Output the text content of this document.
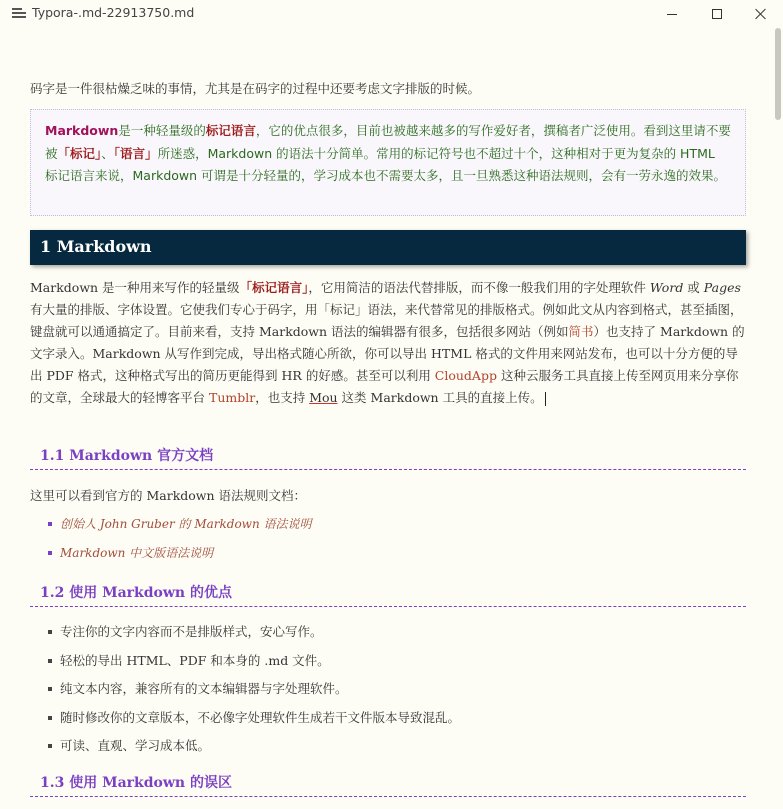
Typora-.md-22913750.md

码字是一件很枯燥乏味的事情，尤其是在码字的过程中还要考虑文字排版的时候。

Markdown是一种轻量级的标记语言，它的优点很多，目前也被越来越多的写作爱好者，撰稿者广泛使用。看到这里请不要被「标记」、「语言」所迷惑，Markdown 的语法十分简单。常用的标记符号也不超过十个，这种相对于更为复杂的 HTML 标记语言来说，Markdown 可谓是十分轻量的，学习成本也不需要太多，且一旦熟悉这种语法规则，会有一劳永逸的效果。
1 Markdown

Markdown 是一种用来写作的轻量级「标记语言」，它用简洁的语法代替排版，而不像一般我们用的字处理软件 Word 或 Pages 有大量的排版、字体设置。它使我们专心于码字，用「标记」语法，来代替常见的排版格式。例如此文从内容到格式，甚至插图，键盘就可以通通搞定了。目前来看，支持 Markdown 语法的编辑器有很多，包括很多网站（例如简书）也支持了 Markdown 的文字录入。Markdown 从写作到完成，导出格式随心所欲，你可以导出 HTML 格式的文件用来网站发布，也可以十分方便的导出 PDF 格式，这种格式写出的简历更能得到 HR 的好感。甚至可以利用 CloudApp 这种云服务工具直接上传至网页用来分享你的文章，全球最大的轻博客平台 Tumblr，也支持 Mou 这类 Markdown 工具的直接上传。

1.1 Markdown 官方文档

这里可以看到官方的 Markdown 语法规则文档：

创始人 John Gruber 的 Markdown 语法说明
Markdown 中文版语法说明
1.2 使用 Markdown 的优点
专注你的文字内容而不是排版样式，安心写作。
轻松的导出 HTML、PDF 和本身的 .md 文件。
纯文本内容，兼容所有的文本编辑器与字处理软件。
随时修改你的文章版本，不必像字处理软件生成若干文件版本导致混乱。
可读、直观、学习成本低。
1.3 使用 Markdown 的误区
